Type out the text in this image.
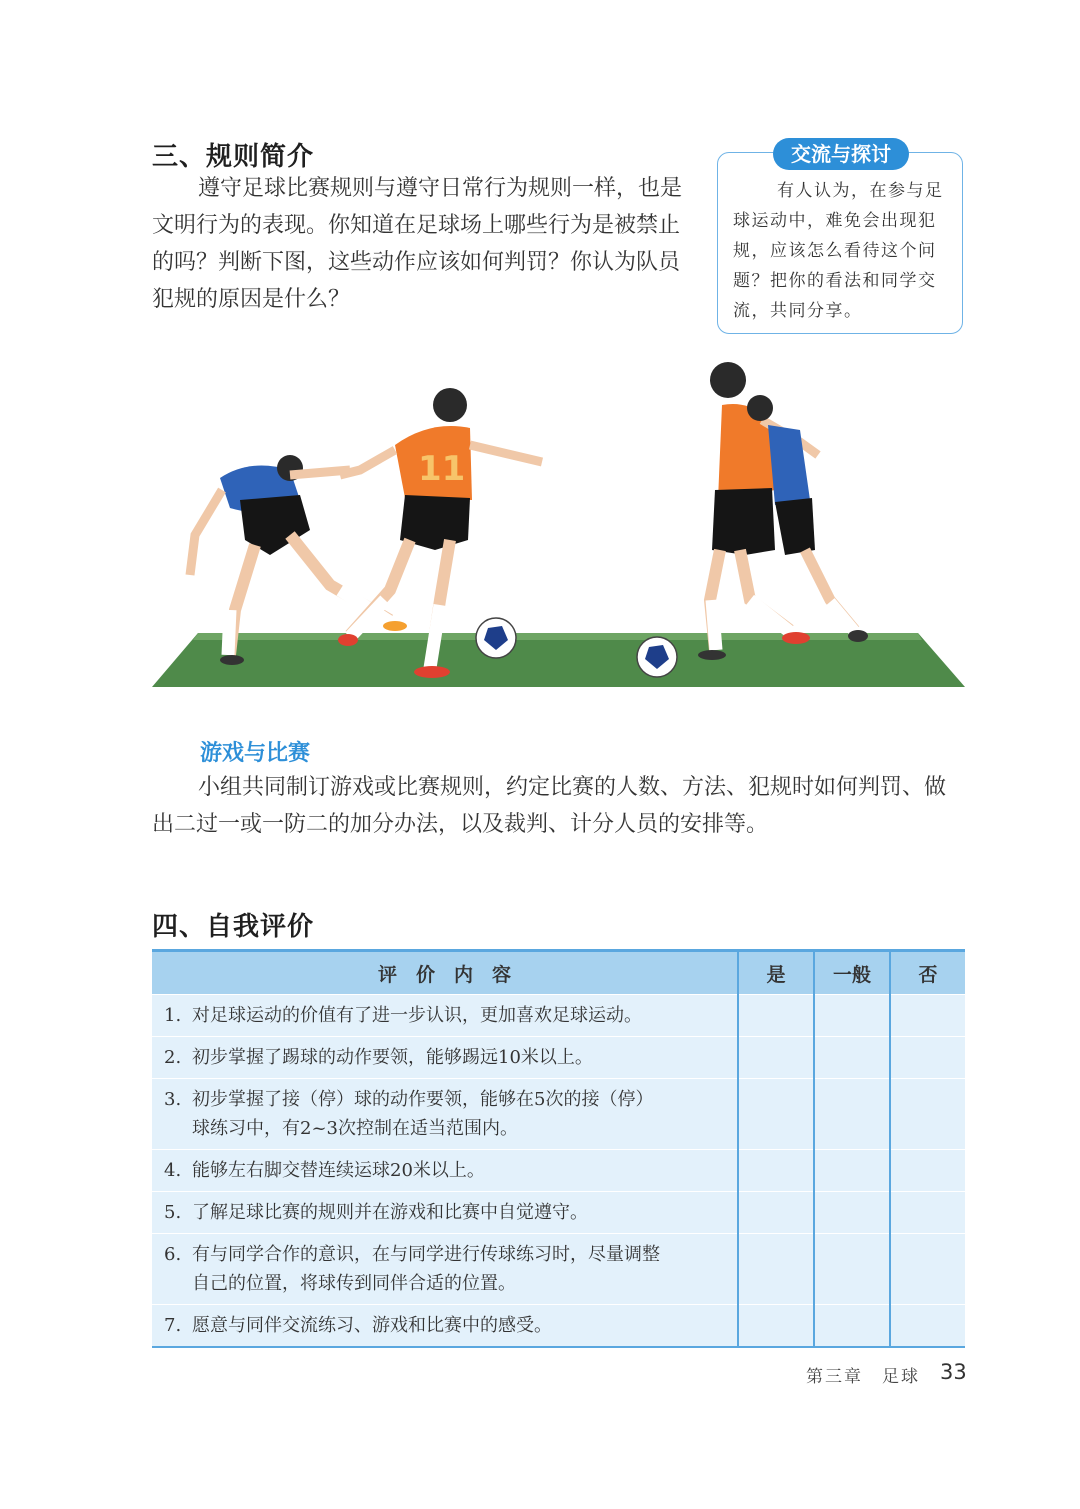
三、规则简介
遵守足球比赛规则与遵守日常行为规则一样，也是文明行为的表现。你知道在足球场上哪些行为是被禁止的吗？判断下图，这些动作应该如何判罚？你认为队员犯规的原因是什么？
交流与探讨
有人认为，在参与足球运动中，难免会出现犯规，应该怎么看待这个问题？把你的看法和同学交流，共同分享。
11
游戏与比赛
小组共同制订游戏或比赛规则，约定比赛的人数、方法、犯规时如何判罚、做出二过一或一防二的加分办法，以及裁判、计分人员的安排等。
四、自我评价
评　价　内　容	是	一般	否
1. 对足球运动的价值有了进一步认识，更加喜欢足球运动。			
2. 初步掌握了踢球的动作要领，能够踢远10米以上。			
3. 初步掌握了接（停）球的动作要领，能够在5次的接（停）
球练习中，有2~3次控制在适当范围内。			

4. 能够左右脚交替连续运球20米以上。			
5. 了解足球比赛的规则并在游戏和比赛中自觉遵守。			
6. 有与同学合作的意识，在与同学进行传球练习时，尽量调整
自己的位置，将球传到同伴合适的位置。			

7. 愿意与同伴交流练习、游戏和比赛中的感受。			
第三章　足球 33
